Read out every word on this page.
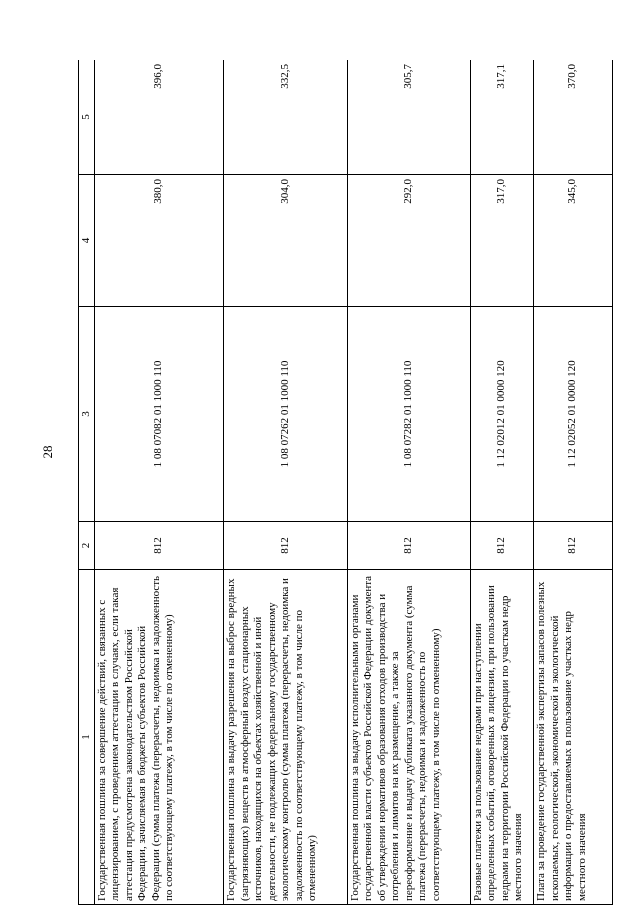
28
1	2	3	4	5
Государственная пошлина за совершение действий, связанных с лицензированием, с проведением аттестации в случаях, если такая аттестация предусмотрена законодательством Российской Федерации, зачисляемая в бюджеты субъектов Российской Федерации (сумма платежа (перерасчеты, недоимка и задолженность по соответствующему платежу, в том числе по отмененному)	812	1 08 07082 01 1000 110	380,0	396,0
Государственная пошлина за выдачу разрешения на выброс вредных (загрязняющих) веществ в атмосферный воздух стационарных источников, находящихся на объектах хозяйственной и иной деятельности, не подлежащих федеральному государственному экологическому контролю (сумма платежа (перерасчеты, недоимка и задолженность по соответствующему платежу, в том числе по отмененному)	812	1 08 07262 01 1000 110	304,0	332,5
Государственная пошлина за выдачу исполнительными органами государственной власти субъектов Российской Федерации документа об утверждении нормативов образования отходов производства и потребления и лимитов на их размещение, а также за переоформление и выдачу дубликата указанного документа (сумма платежа (перерасчеты, недоимка и задолженность по соответствующему платежу, в том числе по отмененному)	812	1 08 07282 01 1000 110	292,0	305,7
Разовые платежи за пользование недрами при наступлении определенных событий, оговоренных в лицензии, при пользовании недрами на территории Российской Федерации по участкам недр местного значения	812	1 12 02012 01 0000 120	317,0	317,1
Плата за проведение государственной экспертизы запасов полезных ископаемых, геологической, экономической и экологической информации о предоставляемых в пользование участках недр местного значения	812	1 12 02052 01 0000 120	345,0	370,0
